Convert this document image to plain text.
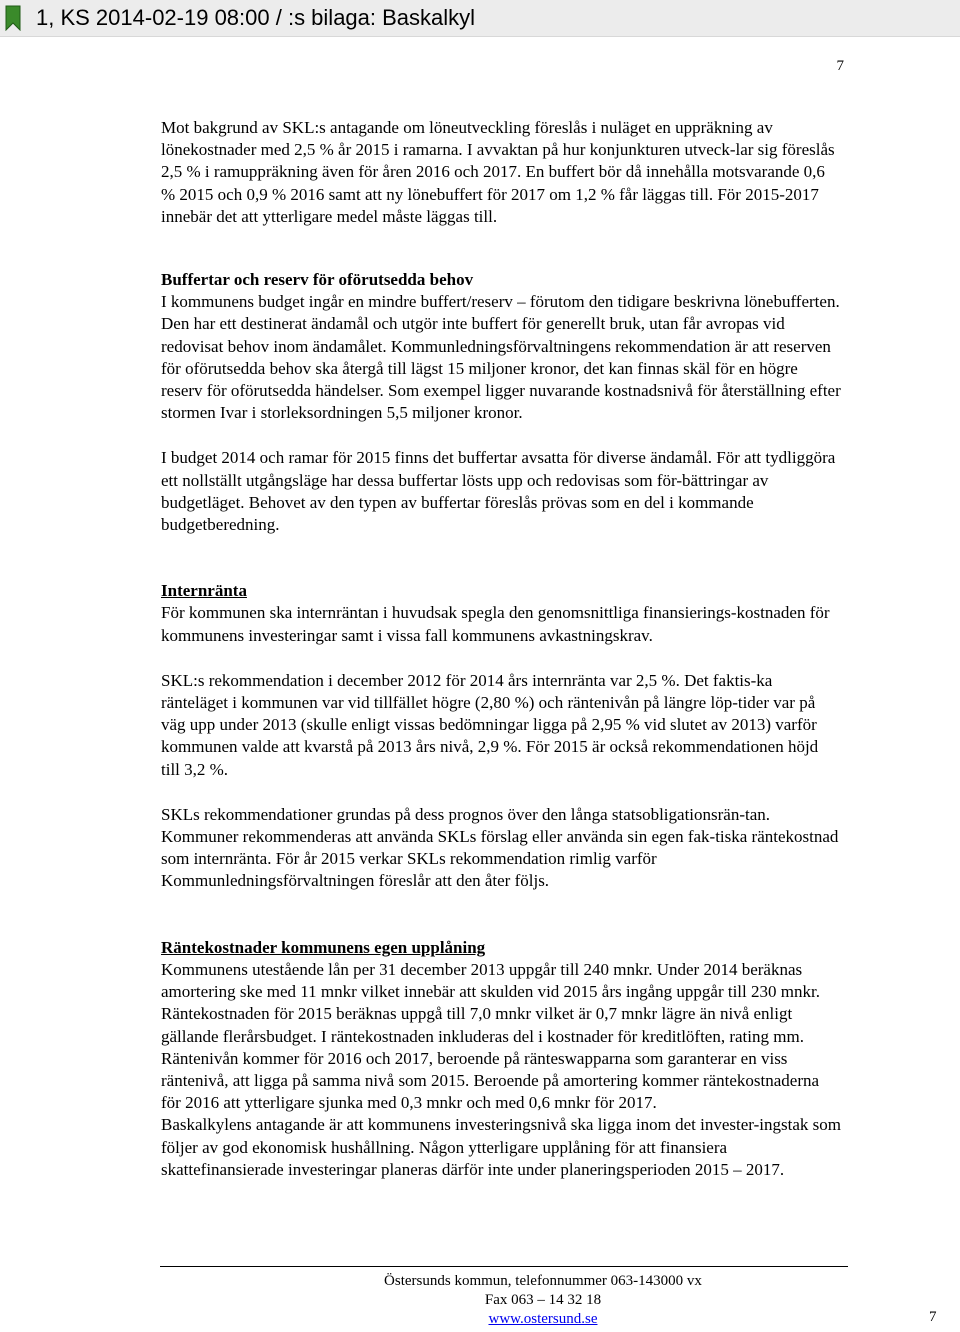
1, KS 2014-02-19 08:00 / :s bilaga: Baskalkyl
7

Mot bakgrund av SKL:s antagande om löneutveckling föreslås i nuläget en uppräkning av lönekostnader med 2,5 % år 2015 i ramarna. I avvaktan på hur konjunkturen utveck-lar sig föreslås 2,5 % i ramuppräkning även för åren 2016 och 2017. En buffert bör då innehålla motsvarande 0,6 % 2015 och 0,9 % 2016 samt att ny lönebuffert för 2017 om 1,2 % får läggas till. För 2015-2017 innebär det att ytterligare medel måste läggas till.

Buffertar och reserv för oförutsedda behov

I kommunens budget ingår en mindre buffert/reserv – förutom den tidigare beskrivna lönebufferten. Den har ett destinerat ändamål och utgör inte buffert för generellt bruk, utan får avropas vid redovisat behov inom ändamålet. Kommunledningsförvaltningens rekommendation är att reserven för oförutsedda behov ska återgå till lägst 15 miljoner kronor, det kan finnas skäl för en högre reserv för oförutsedda händelser. Som exempel ligger nuvarande kostnadsnivå för återställning efter stormen Ivar i storleksordningen 5,5 miljoner kronor.

I budget 2014 och ramar för 2015 finns det buffertar avsatta för diverse ändamål. För att tydliggöra ett nollställt utgångsläge har dessa buffertar lösts upp och redovisas som för-bättringar av budgetläget. Behovet av den typen av buffertar föreslås prövas som en del i kommande budgetberedning.

Internränta

För kommunen ska internräntan i huvudsak spegla den genomsnittliga finansierings-kostnaden för kommunens investeringar samt i vissa fall kommunens avkastningskrav.

SKL:s rekommendation i december 2012 för 2014 års internränta var 2,5 %. Det faktis-ka ränteläget i kommunen var vid tillfället högre (2,80 %) och räntenivån på längre löp-tider var på väg upp under 2013 (skulle enligt vissas bedömningar ligga på 2,95 % vid slutet av 2013) varför kommunen valde att kvarstå på 2013 års nivå, 2,9 %. För 2015 är också rekommendationen höjd till 3,2 %.

SKLs rekommendationer grundas på dess prognos över den långa statsobligationsrän-tan. Kommuner rekommenderas att använda SKLs förslag eller använda sin egen fak-tiska räntekostnad som internränta. För år 2015 verkar SKLs rekommendation rimlig varför Kommunledningsförvaltningen föreslår att den åter följs.

Räntekostnader kommunens egen upplåning

Kommunens utestående lån per 31 december 2013 uppgår till 240 mnkr. Under 2014 beräknas amortering ske med 11 mnkr vilket innebär att skulden vid 2015 års ingång uppgår till 230 mnkr. Räntekostnaden för 2015 beräknas uppgå till 7,0 mnkr vilket är 0,7 mnkr lägre än nivå enligt gällande flerårsbudget. I räntekostnaden inkluderas del i kostnader för kreditlöften, rating mm. Räntenivån kommer för 2016 och 2017, beroende på ränteswapparna som garanterar en viss räntenivå, att ligga på samma nivå som 2015. Beroende på amortering kommer räntekostnaderna för 2016 att ytterligare sjunka med 0,3 mnkr och med 0,6 mnkr för 2017.

Baskalkylens antagande är att kommunens investeringsnivå ska ligga inom det invester-ingstak som följer av god ekonomisk hushållning. Någon ytterligare upplåning för att finansiera skattefinansierade investeringar planeras därför inte under planeringsperioden 2015 – 2017.

Östersunds kommun, telefonnummer 063-143000 vx
Fax 063 – 14 32 18
www.ostersund.se	7
